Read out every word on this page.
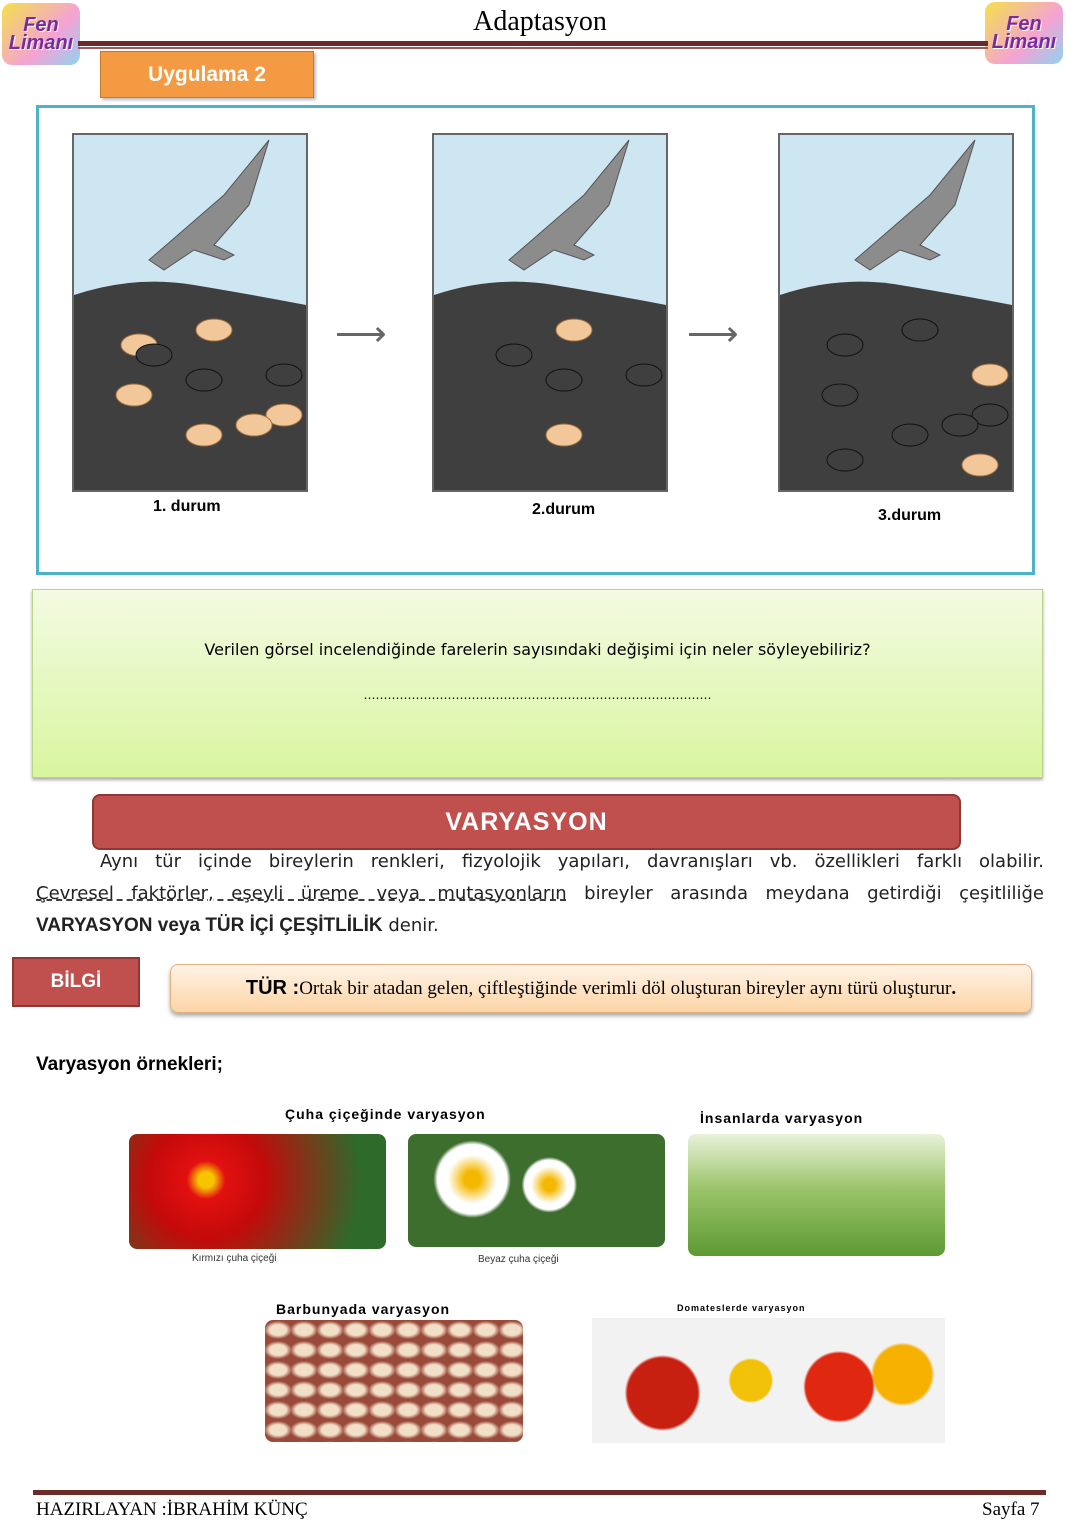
Fen
Limanı
Fen
Limanı
Adaptasyon
Uygulama 2
⟶	⟶
1. durum	2.durum	3.durum
Verilen görsel incelendiğinde farelerin sayısındaki değişimi için neler söyleyebiliriz?
……………………………………………………………………………
VARYASYON
Aynı tür içinde bireylerin renkleri, fizyolojik yapıları, davranışları vb. özellikleri farklı olabilir.
Çevresel faktörler, eşeyli üreme veya mutasyonların bireyler arasında meydana getirdiği çeşitliliğe
VARYASYON veya TÜR İÇİ ÇEŞİTLİLİK denir.
BİLGİ	TÜR : Ortak bir atadan gelen, çiftleştiğinde verimli döl oluşturan bireyler aynı türü oluşturur .
Varyasyon örnekleri;
Çuha çiçeğinde varyasyon	İnsanlarda varyasyon
Kırmızı çuha çiçeği	Beyaz çuha çiçeği
Barbunyada varyasyon	Domateslerde varyasyon
HAZIRLAYAN :İBRAHİM KÜNÇ	Sayfa 7
